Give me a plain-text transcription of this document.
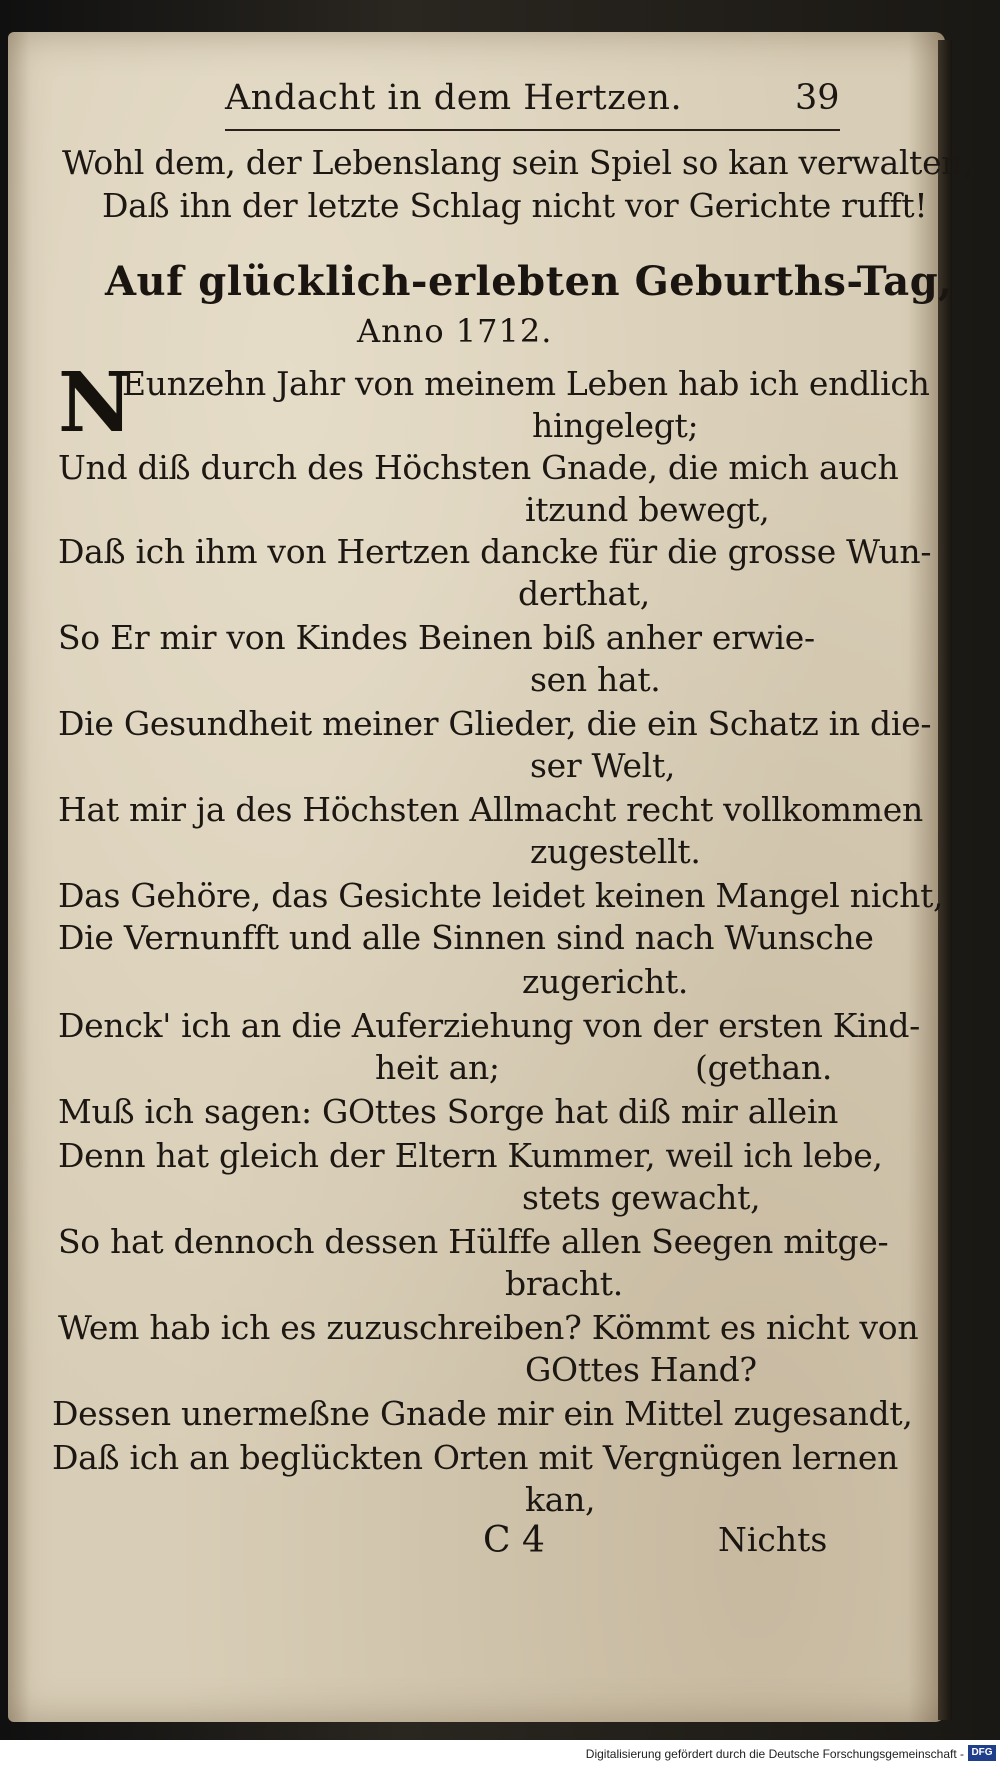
Andacht in dem Hertzen.	39
Wohl dem, der Lebenslang sein Spiel so kan verwalten,
Daß ihn der letzte Schlag nicht vor Gerichte rufft!
Auf glücklich-erlebten Geburths-Tag,
Anno 1712.
N
Eunzehn Jahr von meinem Leben hab ich endlich
hingelegt;
Und diß durch des Höchsten Gnade, die mich auch
itzund bewegt,
Daß ich ihm von Hertzen dancke für die grosse Wun-
derthat,
So Er mir von Kindes Beinen biß anher erwie-
sen hat.
Die Gesundheit meiner Glieder, die ein Schatz in die-
ser Welt,
Hat mir ja des Höchsten Allmacht recht vollkommen
zugestellt.
Das Gehöre, das Gesichte leidet keinen Mangel nicht,
Die Vernunfft und alle Sinnen sind nach Wunsche
zugericht.
Denck' ich an die Auferziehung von der ersten Kind-
heit an;	(gethan.
Muß ich sagen: GOttes Sorge hat diß mir allein
Denn hat gleich der Eltern Kummer, weil ich lebe,
stets gewacht,
So hat dennoch dessen Hülffe allen Seegen mitge-
bracht.
Wem hab ich es zuzuschreiben? Kömmt es nicht von
GOttes Hand?
Dessen unermeßne Gnade mir ein Mittel zugesandt,
Daß ich an beglückten Orten mit Vergnügen lernen
kan,
C 4	Nichts
Digitalisierung gefördert durch die Deutsche Forschungsgemeinschaft - DFG
